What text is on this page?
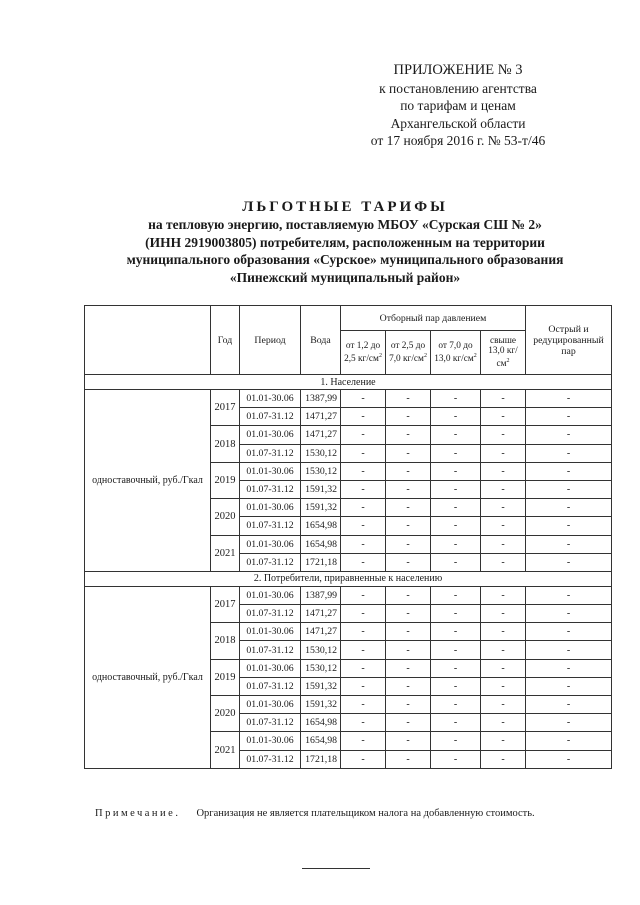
ПРИЛОЖЕНИЕ № 3
к постановлению агентства
по тарифам и ценам
Архангельской области
от 17 ноября 2016 г. № 53-т/46
ЛЬГОТНЫЕ ТАРИФЫ
на тепловую энергию, поставляемую МБОУ «Сурская СШ № 2»
(ИНН 2919003805) потребителям, расположенным на территории
муниципального образования «Сурское» муниципального образования
«Пинежский муниципальный район»
	Год	Период	Вода	Отборный пар давлением				Острый и редуцированный пар
				от 1,2 до 2,5 $кг/см^2$	от 2,5 до 7,0 $кг/см^2$	от 7,0 до 13,0 $кг/см^2$	свыше 13,0 $кг/см^2$
1. Население								
одноставочный, руб./Гкал	2017	01.01-30.06	1387,99	-	-	-	-	-
		01.07-31.12	1471,27	-	-	-	-	-
	2018	01.01-30.06	1471,27	-	-	-	-	-
		01.07-31.12	1530,12	-	-	-	-	-
	2019	01.01-30.06	1530,12	-	-	-	-	-
		01.07-31.12	1591,32	-	-	-	-	-
	2020	01.01-30.06	1591,32	-	-	-	-	-
		01.07-31.12	1654,98	-	-	-	-	-
	2021	01.01-30.06	1654,98	-	-	-	-	-
		01.07-31.12	1721,18	-	-	-	-	-
2. Потребители, приравненные к населению								
одноставочный, руб./Гкал	2017	01.01-30.06	1387,99	-	-	-	-	-
		01.07-31.12	1471,27	-	-	-	-	-
	2018	01.01-30.06	1471,27	-	-	-	-	-
		01.07-31.12	1530,12	-	-	-	-	-
	2019	01.01-30.06	1530,12	-	-	-	-	-
		01.07-31.12	1591,32	-	-	-	-	-
	2020	01.01-30.06	1591,32	-	-	-	-	-
		01.07-31.12	1654,98	-	-	-	-	-
	2021	01.01-30.06	1654,98	-	-	-	-	-
		01.07-31.12	1721,18	-	-	-	-	-
Примечание. Организация не является плательщиком налога на добавленную стоимость.
